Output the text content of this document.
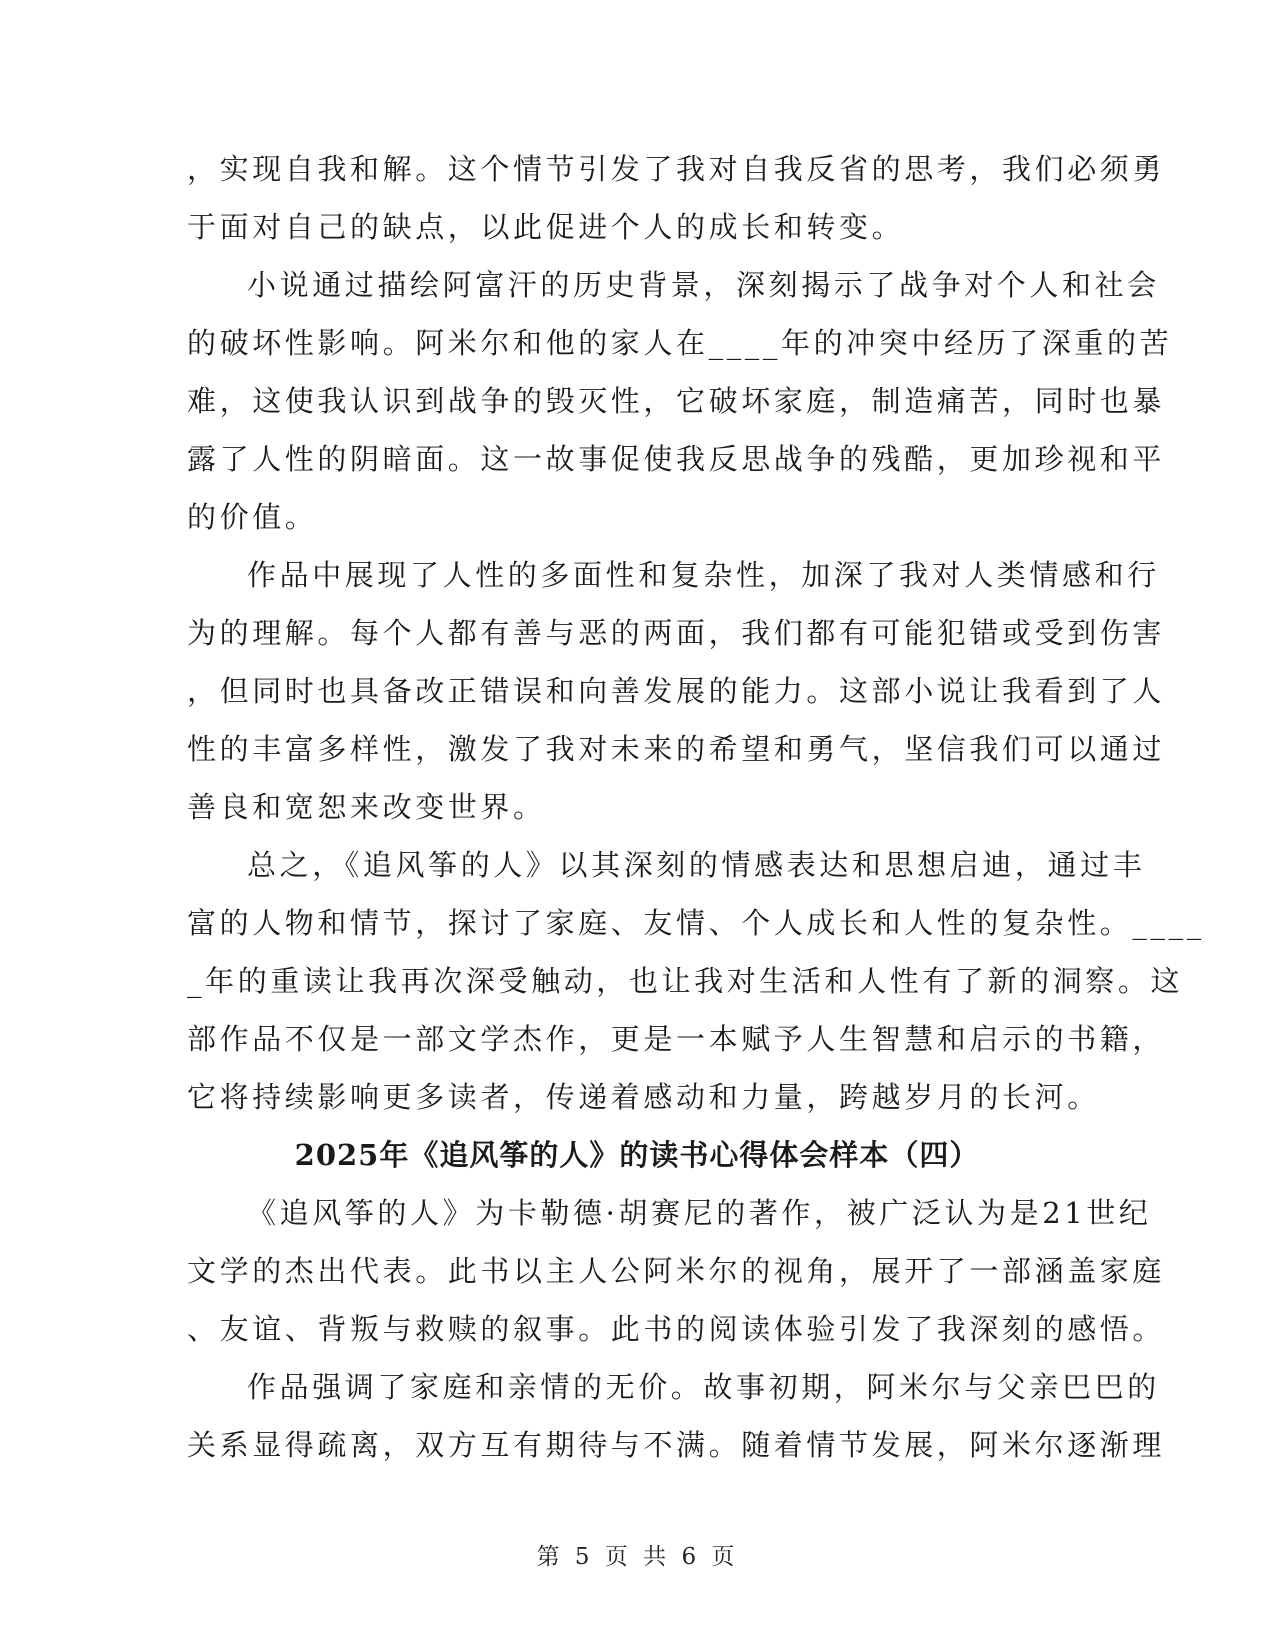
，实现自我和解。这个情节引发了我对自我反省的思考，我们必须勇
于面对自己的缺点，以此促进个人的成长和转变。
小说通过描绘阿富汗的历史背景，深刻揭示了战争对个人和社会
的破坏性影响。阿米尔和他的家人在____年的冲突中经历了深重的苦
难，这使我认识到战争的毁灭性，它破坏家庭，制造痛苦，同时也暴
露了人性的阴暗面。这一故事促使我反思战争的残酷，更加珍视和平
的价值。
作品中展现了人性的多面性和复杂性，加深了我对人类情感和行
为的理解。每个人都有善与恶的两面，我们都有可能犯错或受到伤害
，但同时也具备改正错误和向善发展的能力。这部小说让我看到了人
性的丰富多样性，激发了我对未来的希望和勇气，坚信我们可以通过
善良和宽恕来改变世界。
总之，《追风筝的人》以其深刻的情感表达和思想启迪，通过丰
富的人物和情节，探讨了家庭、友情、个人成长和人性的复杂性。____
_年的重读让我再次深受触动，也让我对生活和人性有了新的洞察。这
部作品不仅是一部文学杰作，更是一本赋予人生智慧和启示的书籍，
它将持续影响更多读者，传递着感动和力量，跨越岁月的长河。
2025年《追风筝的人》的读书心得体会样本（四）
《追风筝的人》为卡勒德·胡赛尼的著作，被广泛认为是21世纪
文学的杰出代表。此书以主人公阿米尔的视角，展开了一部涵盖家庭
、友谊、背叛与救赎的叙事。此书的阅读体验引发了我深刻的感悟。
作品强调了家庭和亲情的无价。故事初期，阿米尔与父亲巴巴的
关系显得疏离，双方互有期待与不满。随着情节发展，阿米尔逐渐理
第 5 页 共 6 页
